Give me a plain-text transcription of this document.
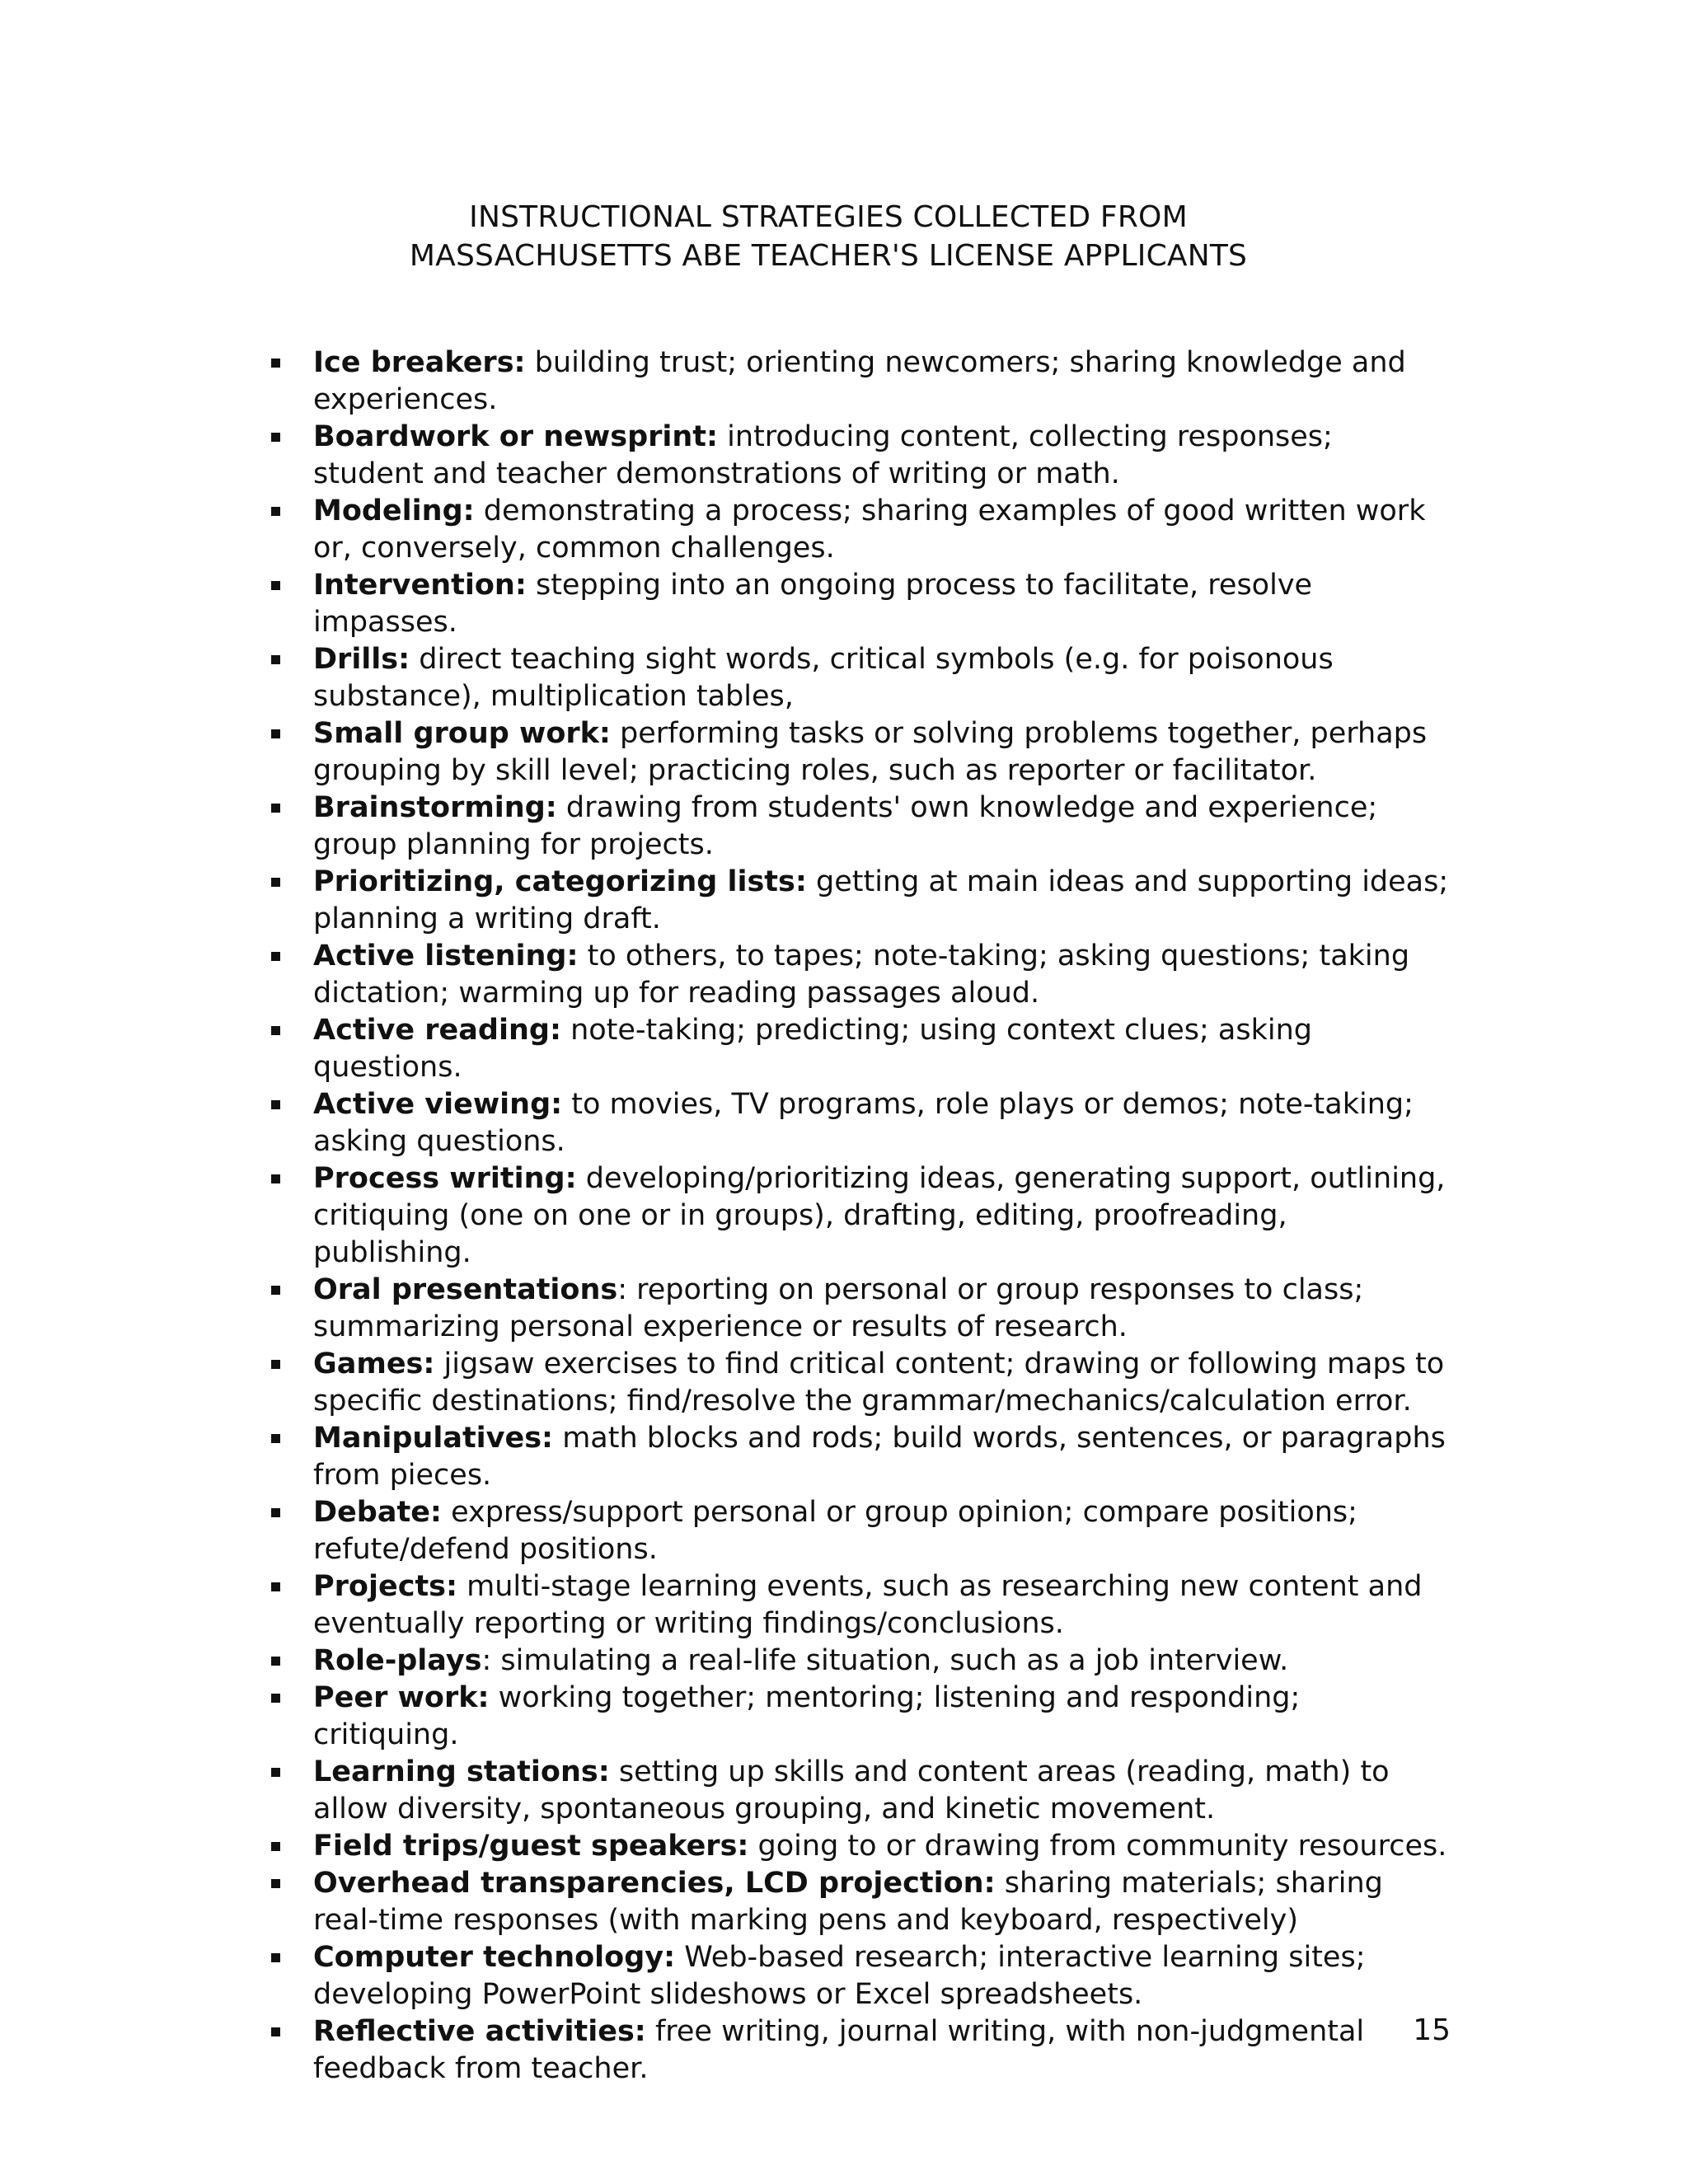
INSTRUCTIONAL STRATEGIES COLLECTED FROM
MASSACHUSETTS ABE TEACHER'S LICENSE APPLICANTS
Ice breakers: building trust; orienting newcomers; sharing knowledge and experiences.
Boardwork or newsprint: introducing content, collecting responses; student and teacher demonstrations of writing or math.
Modeling: demonstrating a process; sharing examples of good written work or, conversely, common challenges.
Intervention: stepping into an ongoing process to facilitate, resolve impasses.
Drills: direct teaching sight words, critical symbols (e.g. for poisonous substance), multiplication tables,
Small group work: performing tasks or solving problems together, perhaps grouping by skill level; practicing roles, such as reporter or facilitator.
Brainstorming: drawing from students' own knowledge and experience; group planning for projects.
Prioritizing, categorizing lists: getting at main ideas and supporting ideas; planning a writing draft.
Active listening: to others, to tapes; note-taking; asking questions; taking dictation; warming up for reading passages aloud.
Active reading: note-taking; predicting; using context clues; asking questions.
Active viewing: to movies, TV programs, role plays or demos; note-taking; asking questions.
Process writing: developing/prioritizing ideas, generating support, outlining, critiquing (one on one or in groups), drafting, editing, proofreading, publishing.
Oral presentations: reporting on personal or group responses to class; summarizing personal experience or results of research.
Games: jigsaw exercises to find critical content; drawing or following maps to specific destinations; find/resolve the grammar/mechanics/calculation error.
Manipulatives: math blocks and rods; build words, sentences, or paragraphs from pieces.
Debate: express/support personal or group opinion; compare positions; refute/defend positions.
Projects: multi-stage learning events, such as researching new content and eventually reporting or writing findings/conclusions.
Role-plays: simulating a real-life situation, such as a job interview.
Peer work: working together; mentoring; listening and responding; critiquing.
Learning stations: setting up skills and content areas (reading, math) to allow diversity, spontaneous grouping, and kinetic movement.
Field trips/guest speakers: going to or drawing from community resources.
Overhead transparencies, LCD projection: sharing materials; sharing real-time responses (with marking pens and keyboard, respectively)
Computer technology: Web-based research; interactive learning sites; developing PowerPoint slideshows or Excel spreadsheets.
Reflective activities: free writing, journal writing, with non-judgmental feedback from teacher.
15
